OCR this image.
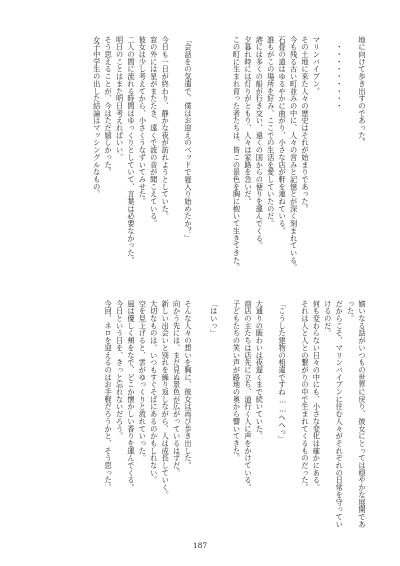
地に向けて歩き出すのであった。

　・・・・・・・・・

マリンバイブン。
その土地に来た人々の歴史はそれが始まりであった。
今も残る古い町並みの中に、人々の営みと記憶とが深く刻まれている。
石畳の道はゆるやかに曲がり、小さな店が軒を連ねている。
誰もがこの場所を好み、ここでの生活を愛していたのだ。
港には多くの船が行き交い、遠くの国からの便りを運んでくる。
夕暮れ時には灯りがともり、人々は家路を急いだ。
この町に生まれ育った者たちは、皆この景色を胸に抱いて生きてきた。
「会話をの気遣で、僕はお迎えのベッドで寝入り始めたか？」

今日も一日が終わり、静かな夜が訪れようとしていた。
窓の外には星がまたたき、遠くで波の音が聞こえている。
彼女は少し考えてから、小さくうなずいてみせた。
二人の間に流れる時間はゆっくりとしていて、言葉は必要なかった。
明日のことはまた明日考えればいい。
そう思えることが、今はただ嬉しかった。
女子中学生の出した結論はマッシングルなもの。
嬉いなる話がいつもの世界に戻り、彼女にとっては穏やかな展開であった。
だからこそ、マリンバイブンに住む人々がそれぞれの日常を守っていけるのだ。
何も変わらない日々の中にも、小さな変化は確かにある。
それは人と人との繋がりの中で生まれてくるものだった。

「こうした建物の相違ですね……へへっ」

大通りの賑わいは夜遅くまで続いていた。
商店の主たちは店先に立ち、道行く人に声をかけている。
子どもたちの笑い声が路地の奥から響いてきた。

「はいっ」
そんな人々の想いを胸に、彼女は再び歩き出した。
向かう先には、まだ見ぬ景色が広がっているはずだ。
新しい出会いと別れを繰り返しながら、人は成長していく。
大切なものは、いつもすぐそばにあるのかもしれない。
空を見上げると、雲がゆっくりと流れていった。
風は優しく頬をなで、どこか懐かしい香りを運んでくる。
今日という日を、きっと忘れないだろう。
今回、ネロを迎えるのはお手軽だろうかと、そう思った。
187
